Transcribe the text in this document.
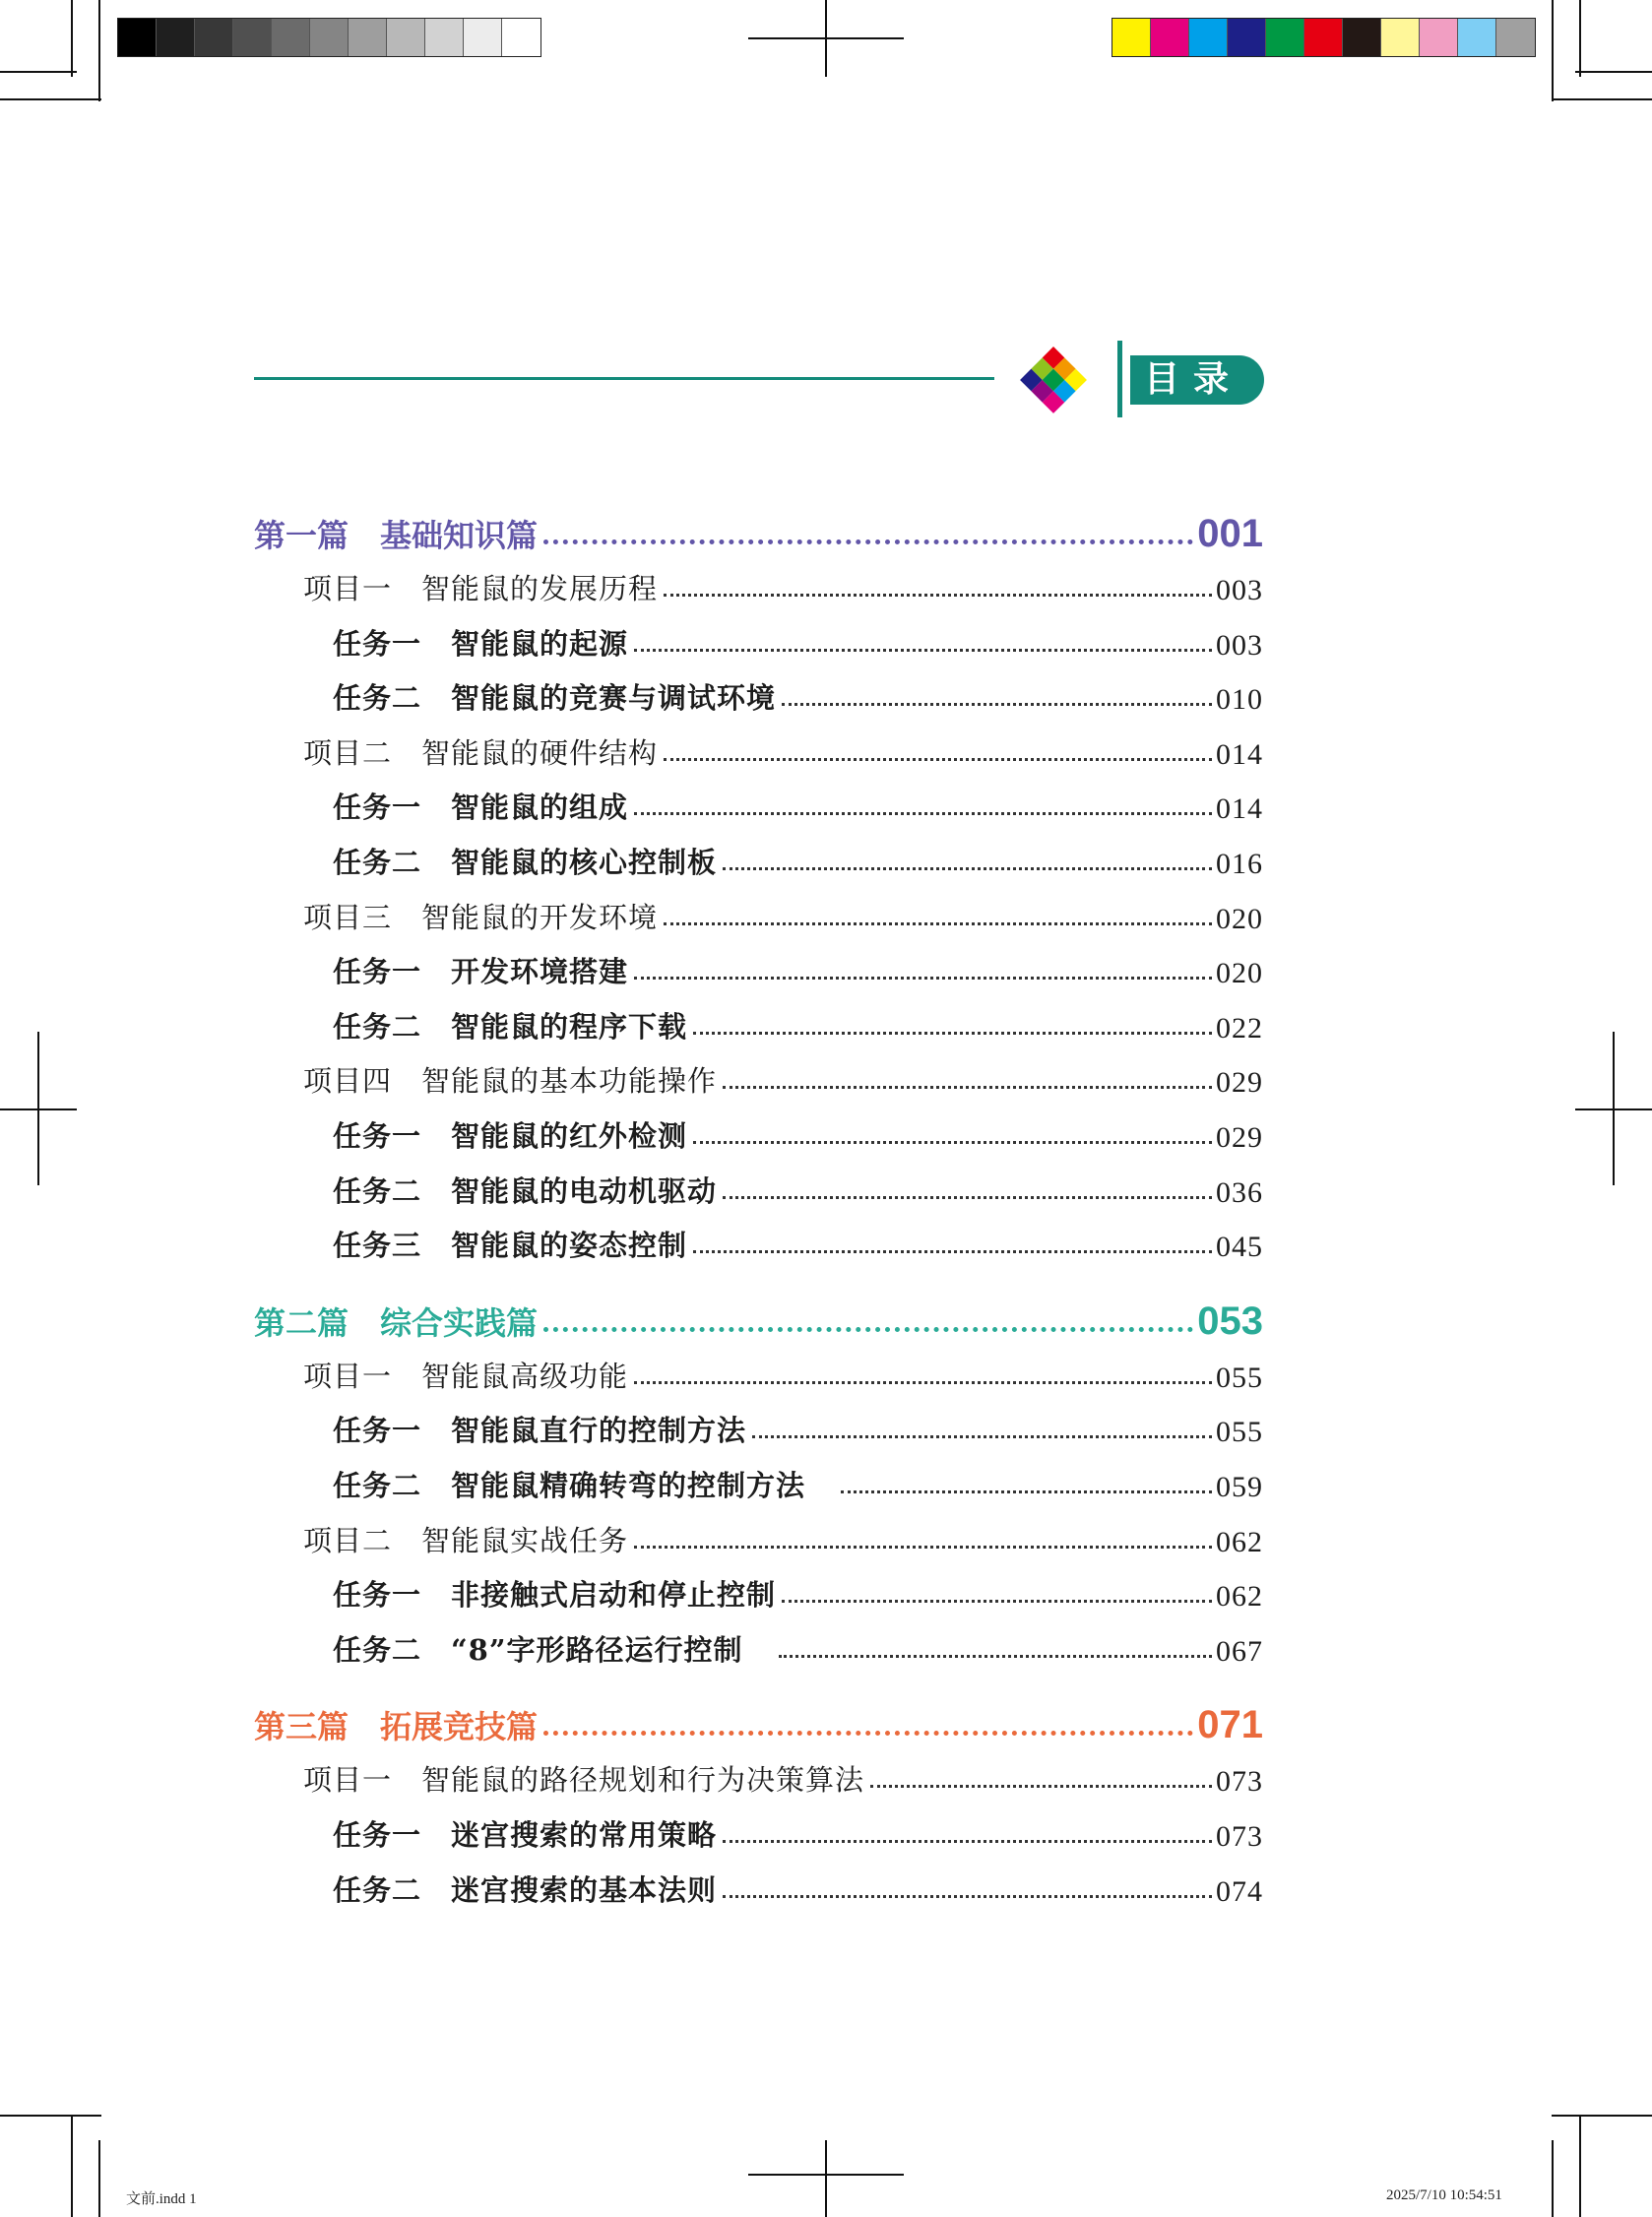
目录
第一篇　基础知识篇	001
项目一　智能鼠的发展历程	003
任务一　智能鼠的起源	003
任务二　智能鼠的竞赛与调试环境	010
项目二　智能鼠的硬件结构	014
任务一　智能鼠的组成	014
任务二　智能鼠的核心控制板	016
项目三　智能鼠的开发环境	020
任务一　开发环境搭建	020
任务二　智能鼠的程序下载	022
项目四　智能鼠的基本功能操作	029
任务一　智能鼠的红外检测	029
任务二　智能鼠的电动机驱动	036
任务三　智能鼠的姿态控制	045
第二篇　综合实践篇	053
项目一　智能鼠高级功能	055
任务一　智能鼠直行的控制方法	055
任务二　智能鼠精确转弯的控制方法　	059
项目二　智能鼠实战任务	062
任务一　非接触式启动和停止控制	062
任务二　“8”字形路径运行控制　	067
第三篇　拓展竞技篇	071
项目一　智能鼠的路径规划和行为决策算法	073
任务一　迷宫搜索的常用策略	073
任务二　迷宫搜索的基本法则	074
文前.indd 1	2025/7/10 10:54:51
